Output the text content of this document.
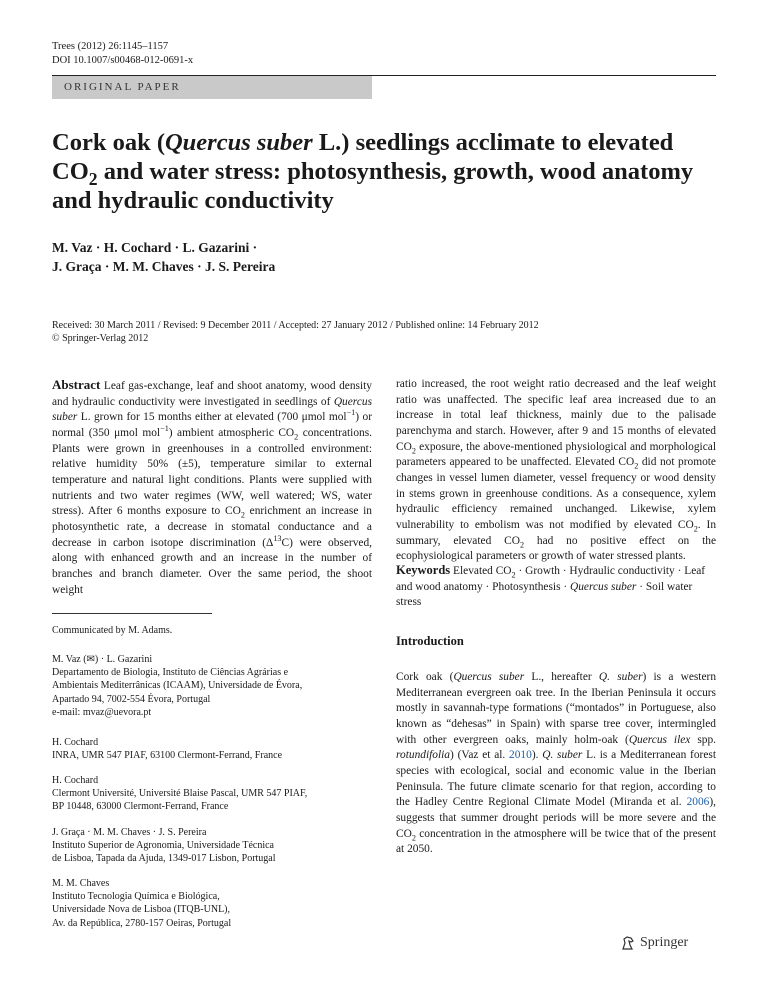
Trees (2012) 26:1145–1157
DOI 10.1007/s00468-012-0691-x
ORIGINAL PAPER
Cork oak (Quercus suber L.) seedlings acclimate to elevated
$CO_2$ and water stress: photosynthesis, growth, wood anatomy
and hydraulic conductivity
M. Vaz · H. Cochard · L. Gazarini ·
J. Graça · M. M. Chaves · J. S. Pereira
Received: 30 March 2011 / Revised: 9 December 2011 / Accepted: 27 January 2012 / Published online: 14 February 2012
© Springer-Verlag 2012
Abstract Leaf gas-exchange, leaf and shoot anatomy, wood density and hydraulic conductivity were investigated in seedlings of Quercus suber L. grown for 15 months either at elevated (700 μmol mol$^{-1}$) or normal (350 μmol mol$^{-1}$) ambient atmospheric $CO_2$ concentrations. Plants were grown in greenhouses in a controlled environment: relative humidity 50% (±5), temperature similar to external temperature and natural light conditions. Plants were supplied with nutrients and two water regimes (WW, well watered; WS, water stress). After 6 months exposure to $CO_2$ enrichment an increase in photosynthetic rate, a decrease in stomatal conductance and a decrease in carbon isotope discrimination $(\Delta^{13}C)$ were observed, along with enhanced growth and an increase in the number of branches and branch diameter. Over the same period, the shoot weight
Communicated by M. Adams.
M. Vaz (✉) · L. Gazarini
Departamento de Biologia, Instituto de Ciências Agrárias e
Ambientais Mediterrânicas (ICAAM), Universidade de Évora,
Apartado 94, 7002-554 Évora, Portugal
e-mail: mvaz@uevora.pt
H. Cochard
INRA, UMR 547 PIAF, 63100 Clermont-Ferrand, France
H. Cochard
Clermont Université, Université Blaise Pascal, UMR 547 PIAF,
BP 10448, 63000 Clermont-Ferrand, France
J. Graça · M. M. Chaves · J. S. Pereira
Instituto Superior de Agronomia, Universidade Técnica
de Lisboa, Tapada da Ajuda, 1349-017 Lisbon, Portugal
M. M. Chaves
Instituto Tecnologia Química e Biológica,
Universidade Nova de Lisboa (ITQB-UNL),
Av. da República, 2780-157 Oeiras, Portugal
ratio increased, the root weight ratio decreased and the leaf weight ratio was unaffected. The specific leaf area increased due to an increase in total leaf thickness, mainly due to the palisade parenchyma and starch. However, after 9 and 15 months of elevated $CO_2$ exposure, the above-mentioned physiological and morphological parameters appeared to be unaffected. Elevated $CO_2$ did not promote changes in vessel lumen diameter, vessel frequency or wood density in stems grown in greenhouse conditions. As a consequence, xylem hydraulic efficiency remained unchanged. Likewise, xylem vulnerability to embolism was not modified by elevated $CO_2$. In summary, elevated $CO_2$ had no positive effect on the ecophysiological parameters or growth of water stressed plants.
Keywords Elevated $CO_2$ · Growth · Hydraulic conductivity · Leaf and wood anatomy · Photosynthesis · Quercus suber · Soil water stress
Introduction
Cork oak (Quercus suber L., hereafter Q. suber) is a western Mediterranean evergreen oak tree. In the Iberian Peninsula it occurs mostly in savannah-type formations (“montados” in Portuguese, also known as “dehesas” in Spain) with sparse tree cover, intermingled with other evergreen oaks, mainly holm-oak (Quercus ilex spp. rotundifolia) (Vaz et al. 2010). Q. suber L. is a Mediterranean forest species with ecological, social and economic value in the Iberian Peninsula. The future climate scenario for that region, according to the Hadley Centre Regional Climate Model (Miranda et al. 2006), suggests that summer drought periods will be more severe and the $CO_2$ concentration in the atmosphere will be twice that of the present at 2050.
Springer
